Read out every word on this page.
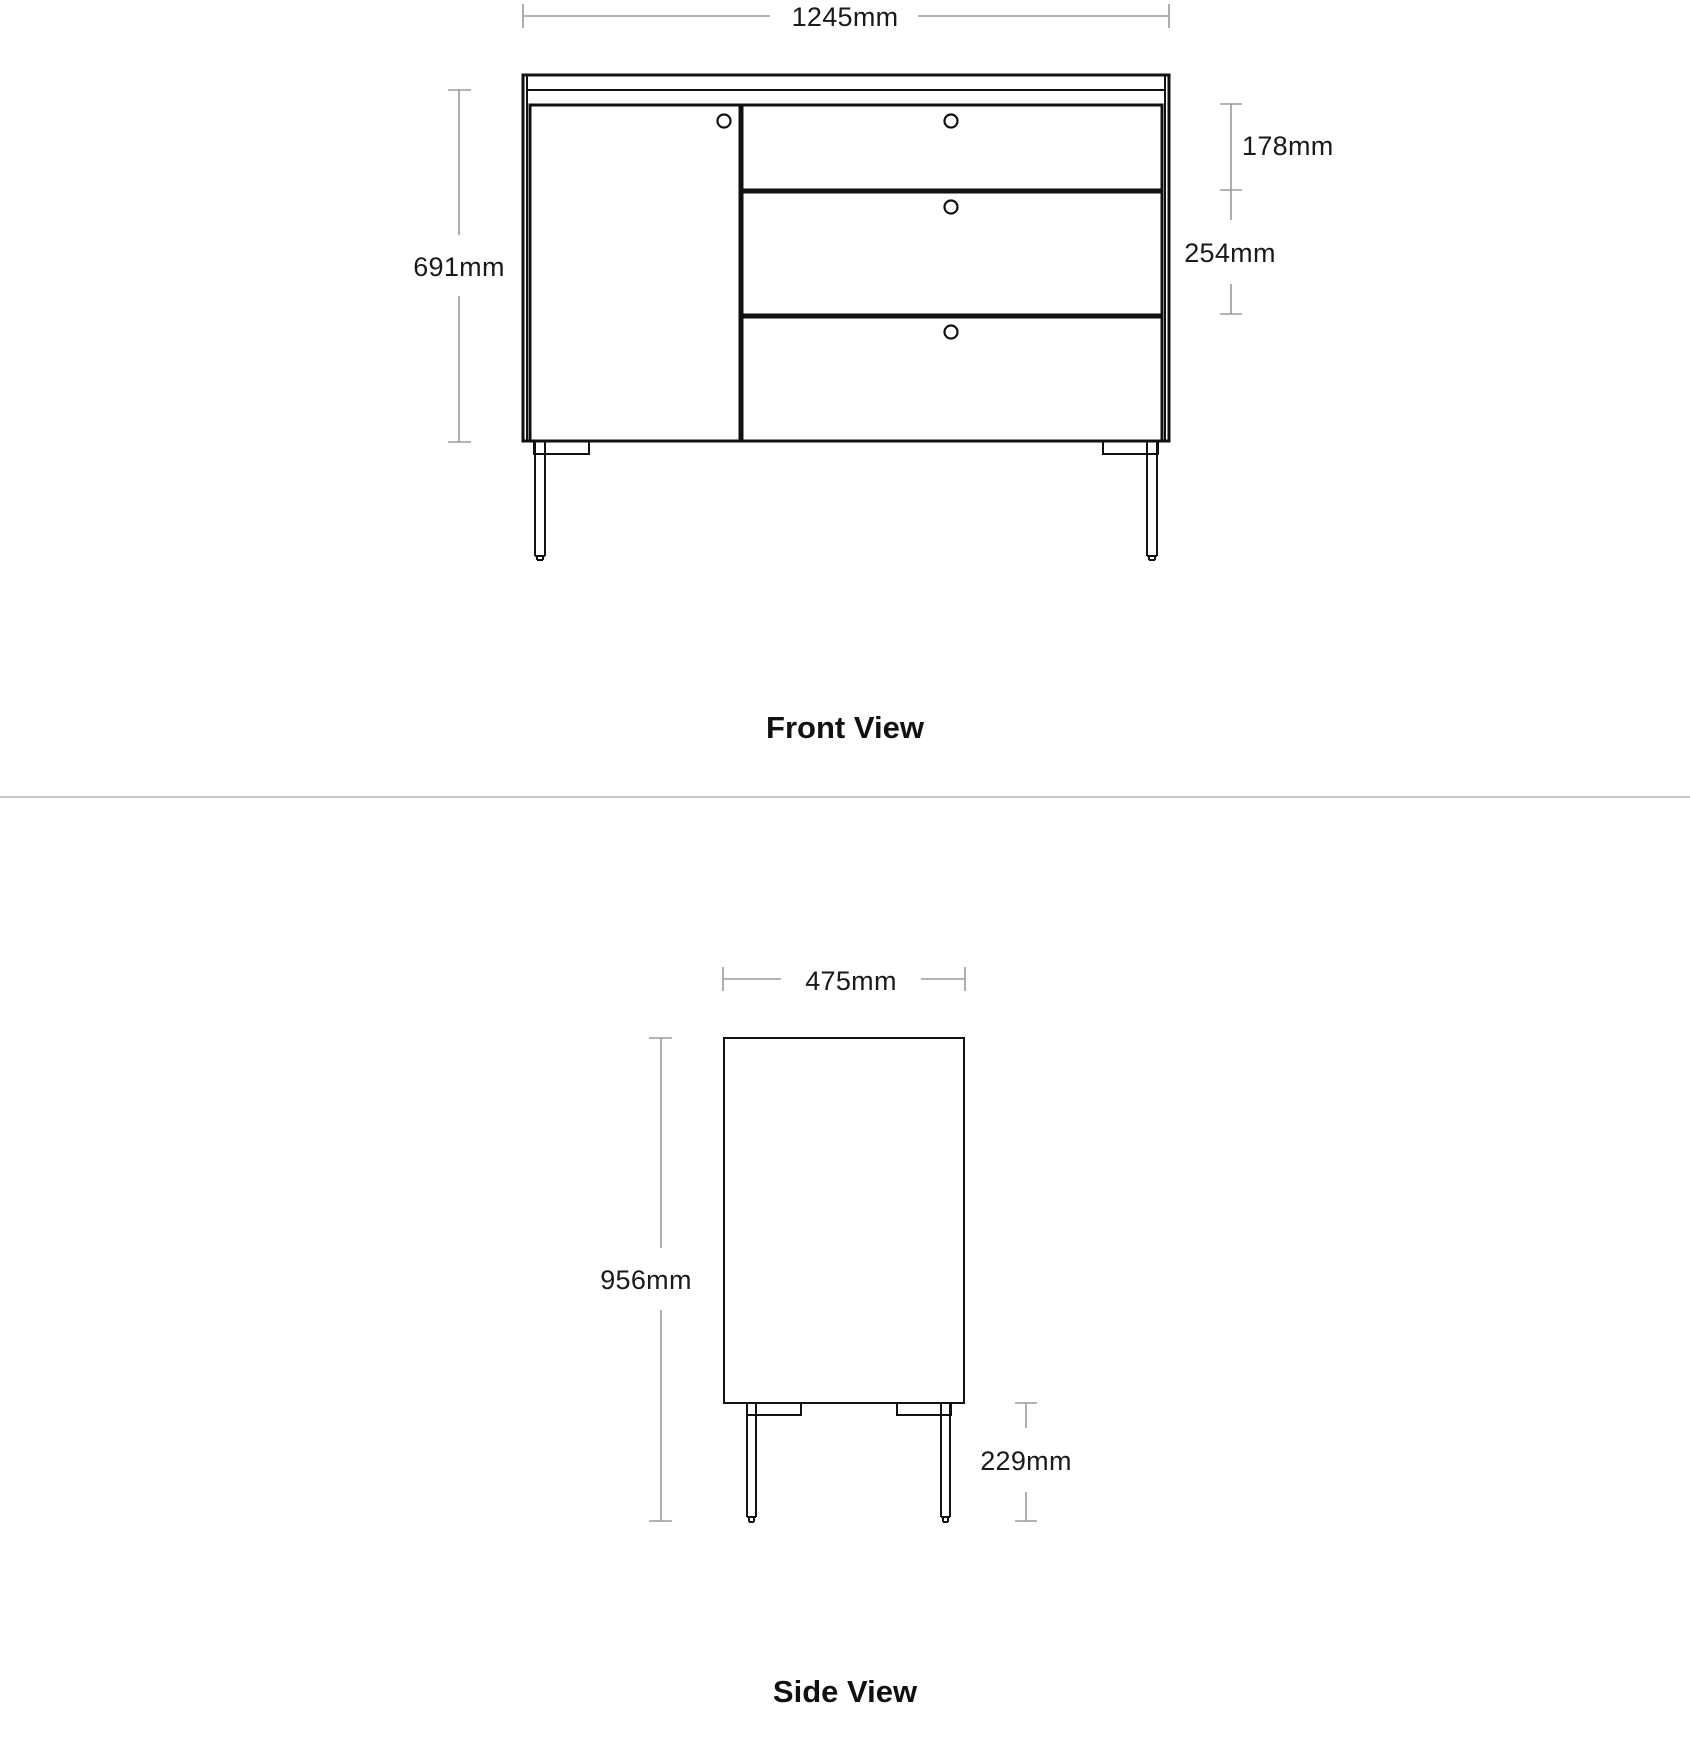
1245mm
691mm
178mm
254mm
Front View
475mm
956mm
229mm
Side View
